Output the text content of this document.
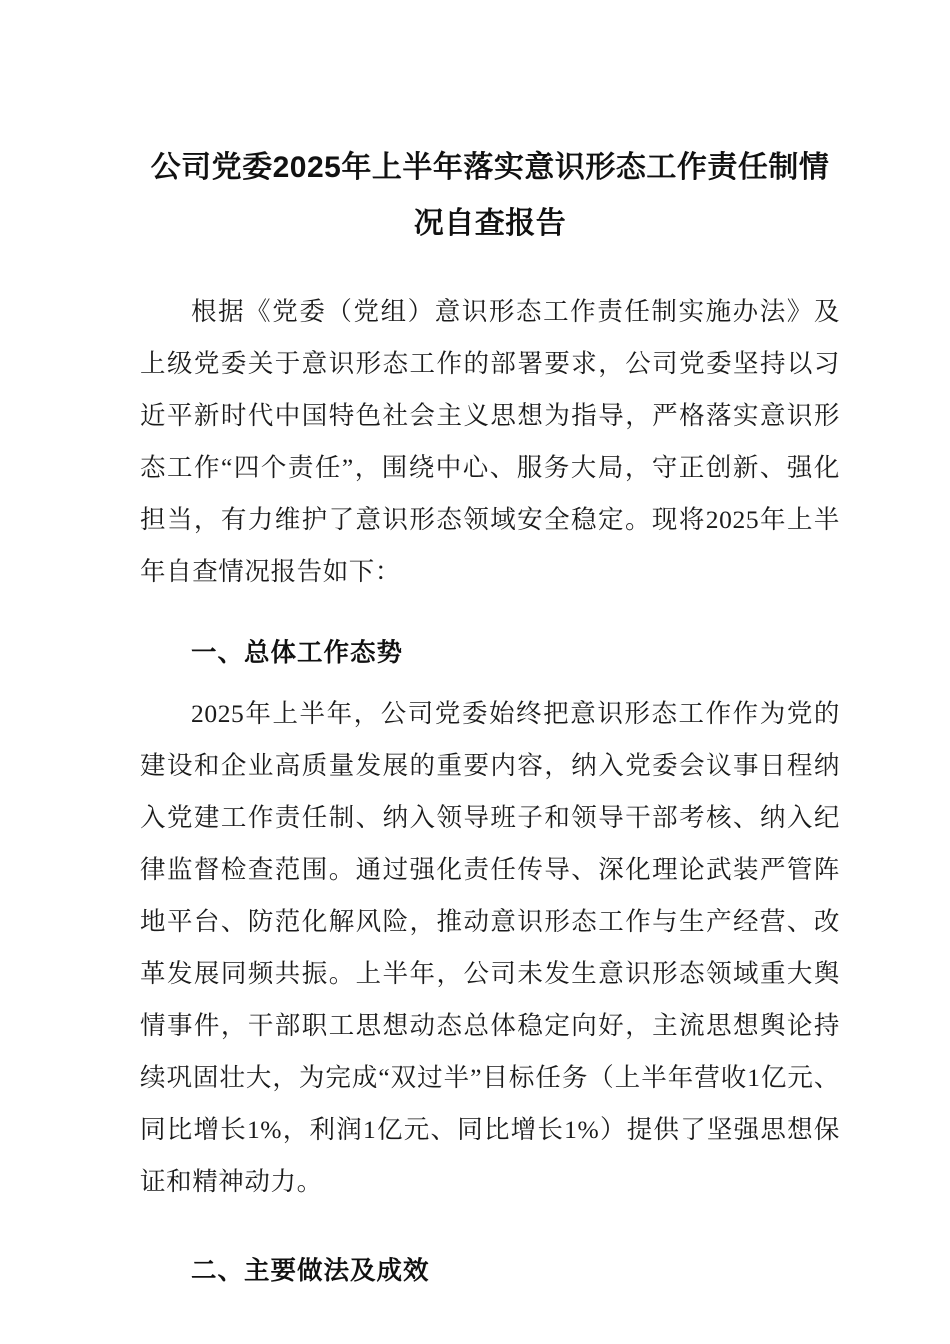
公司党委2025年上半年落实意识形态工作责任制情况自查报告

根据《党委（党组）意识形态工作责任制实施办法》及上级党委关于意识形态工作的部署要求，公司党委坚持以习近平新时代中国特色社会主义思想为指导，严格落实意识形态工作“四个责任”，围绕中心、服务大局，守正创新、强化担当，有力维护了意识形态领域安全稳定。现将2025年上半年自查情况报告如下：

一、总体工作态势

2025年上半年，公司党委始终把意识形态工作作为党的建设和企业高质量发展的重要内容，纳入党委会议事日程纳入党建工作责任制、纳入领导班子和领导干部考核、纳入纪律监督检查范围。通过强化责任传导、深化理论武装严管阵地平台、防范化解风险，推动意识形态工作与生产经营、改革发展同频共振。上半年，公司未发生意识形态领域重大舆情事件，干部职工思想动态总体稳定向好，主流思想舆论持续巩固壮大，为完成“双过半”目标任务（上半年营收1亿元、同比增长1%，利润1亿元、同比增长1%）提供了坚强思想保证和精神动力。

二、主要做法及成效
